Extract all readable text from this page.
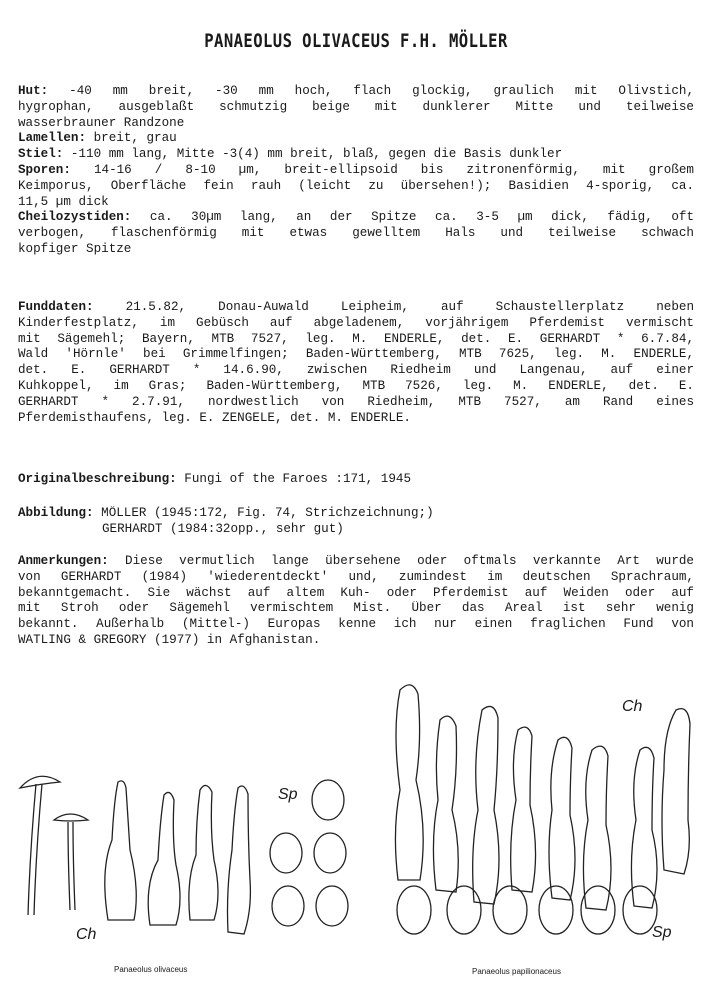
PANAEOLUS OLIVACEUS F.H. MÖLLER
Hut: -40 mm breit, -30 mm hoch, flach glockig, graulich mit Olivstich,
hygrophan, ausgeblaßt schmutzig beige mit dunklerer Mitte und teilweise
wasserbrauner Randzone
Lamellen: breit, grau
Stiel: -110 mm lang, Mitte -3(4) mm breit, blaß, gegen die Basis dunkler
Sporen: 14-16 / 8-10 µm, breit-ellipsoid bis zitronenförmig, mit großem
Keimporus, Oberfläche fein rauh (leicht zu übersehen!); Basidien 4-sporig, ca.
11,5 µm dick
Cheilozystiden: ca. 30µm lang, an der Spitze ca. 3-5 µm dick, fädig, oft
verbogen, flaschenförmig mit etwas gewelltem Hals und teilweise schwach
kopfiger Spitze
Funddaten: 21.5.82, Donau-Auwald Leipheim, auf Schaustellerplatz neben
Kinderfestplatz, im Gebüsch auf abgeladenem, vorjährigem Pferdemist vermischt
mit Sägemehl; Bayern, MTB 7527, leg. M. ENDERLE, det. E. GERHARDT * 6.7.84,
Wald 'Hörnle' bei Grimmelfingen; Baden-Württemberg, MTB 7625, leg. M. ENDERLE,
det. E. GERHARDT * 14.6.90, zwischen Riedheim und Langenau, auf einer
Kuhkoppel, im Gras; Baden-Württemberg, MTB 7526, leg. M. ENDERLE, det. E.
GERHARDT * 2.7.91, nordwestlich von Riedheim, MTB 7527, am Rand eines
Pferdemisthaufens, leg. E. ZENGELE, det. M. ENDERLE.
Originalbeschreibung: Fungi of the Faroes :171, 1945
Abbildung: MÖLLER (1945:172, Fig. 74, Strichzeichnung;)
GERHARDT (1984:32opp., sehr gut)
Anmerkungen: Diese vermutlich lange übersehene oder oftmals verkannte Art wurde
von GERHARDT (1984) 'wiederentdeckt' und, zumindest im deutschen Sprachraum,
bekanntgemacht. Sie wächst auf altem Kuh- oder Pferdemist auf Weiden oder auf
mit Stroh oder Sägemehl vermischtem Mist. Über das Areal ist sehr wenig
bekannt. Außerhalb (Mittel-) Europas kenne ich nur einen fraglichen Fund von
WATLING & GREGORY (1977) in Afghanistan.
Ch
Sp
Ch
Sp
Panaeolus olivaceus	Panaeolus papilionaceus
